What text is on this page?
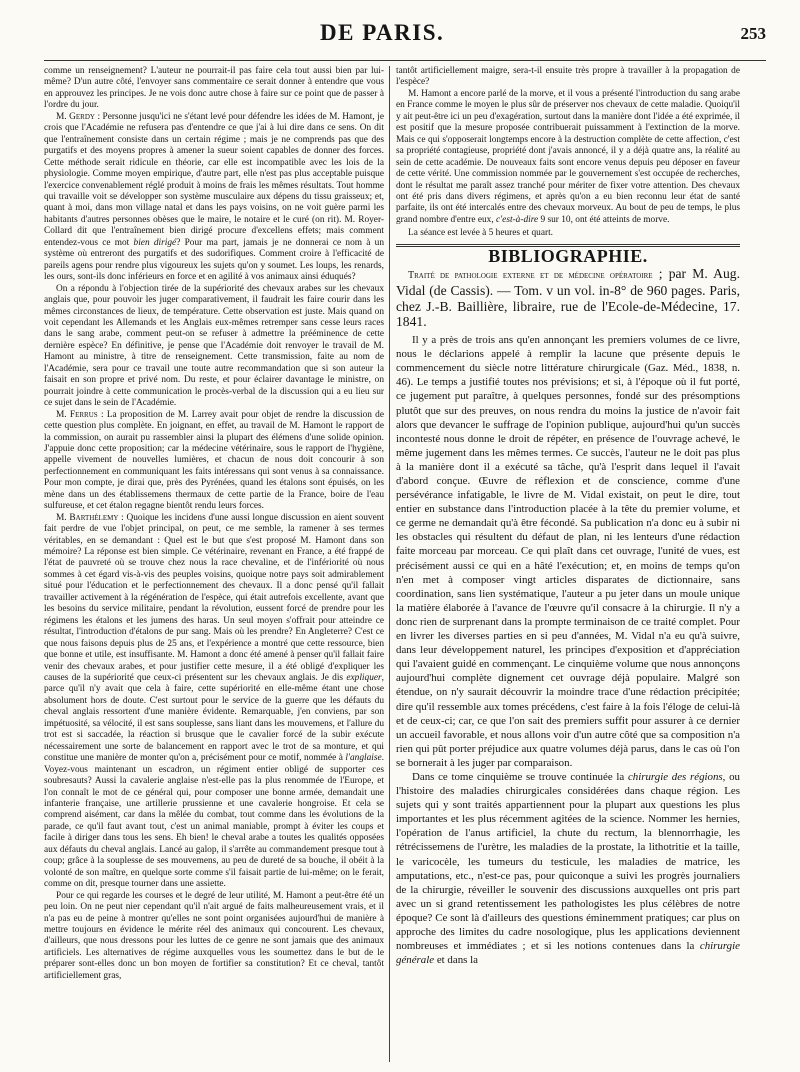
DE PARIS.	253

comme un renseignement? L'auteur ne pourrait-il pas faire cela tout aussi bien par lui-même? D'un autre côté, l'envoyer sans commentaire ce serait donner à entendre que vous en approuvez les principes. Je ne vois donc autre chose à faire sur ce point que de passer à l'ordre du jour.

M. Gerdy : Personne jusqu'ici ne s'étant levé pour défendre les idées de M. Hamont, je crois que l'Académie ne refusera pas d'entendre ce que j'ai à lui dire dans ce sens. On dit que l'entraînement consiste dans un certain régime ; mais je ne comprends pas que des purgatifs et des moyens propres à amener la sueur soient capables de donner des forces. Cette méthode serait ridicule en théorie, car elle est incompatible avec les lois de la physiologie. Comme moyen empirique, d'autre part, elle n'est pas plus acceptable puisque l'exercice convenablement réglé produit à moins de frais les mêmes résultats. Tout homme qui travaille voit se développer son système musculaire aux dépens du tissu graisseux; et, quant à moi, dans mon village natal et dans les pays voisins, on ne voit guère parmi les habitants d'autres personnes obèses que le maire, le notaire et le curé (on rit). M. Royer-Collard dit que l'entraînement bien dirigé procure d'excellens effets; mais comment entendez-vous ce mot bien dirigé? Pour ma part, jamais je ne donnerai ce nom à un système où entreront des purgatifs et des sudorifiques. Comment croire à l'efficacité de pareils agens pour rendre plus vigoureux les sujets qu'on y soumet. Les loups, les renards, les ours, sont-ils donc inférieurs en force et en agilité à vos animaux ainsi éduqués?

On a répondu à l'objection tirée de la supériorité des chevaux arabes sur les chevaux anglais que, pour pouvoir les juger comparativement, il faudrait les faire courir dans les mêmes circonstances de lieux, de température. Cette observation est juste. Mais quand on voit cependant les Allemands et les Anglais eux-mêmes retremper sans cesse leurs races dans le sang arabe, comment peut-on se refuser à admettre la prééminence de cette dernière espèce? En définitive, je pense que l'Académie doit renvoyer le travail de M. Hamont au ministre, à titre de renseignement. Cette transmission, faite au nom de l'Académie, sera pour ce travail une toute autre recommandation que si son auteur la faisait en son propre et privé nom. Du reste, et pour éclairer davantage le ministre, on pourrait joindre à cette communication le procès-verbal de la discussion qui a eu lieu sur ce sujet dans le sein de l'Académie.

M. Ferrus : La proposition de M. Larrey avait pour objet de rendre la discussion de cette question plus complète. En joignant, en effet, au travail de M. Hamont le rapport de la commission, on aurait pu rassembler ainsi la plupart des élémens d'une solide opinion. J'appuie donc cette proposition; car la médecine vétérinaire, sous le rapport de l'hygiène, appelle vivement de nouvelles lumières, et chacun de nous doit concourir à son perfectionnement en communiquant les faits intéressans qui sont venus à sa connaissance. Pour mon compte, je dirai que, près des Pyrénées, quand les étalons sont épuisés, on les mène dans un des établissemens thermaux de cette partie de la France, boire de l'eau sulfureuse, et cet étalon regagne bientôt rendu leurs forces.

M. Barthélemy : Quoique les incidens d'une aussi longue discussion en aient souvent fait perdre de vue l'objet principal, on peut, ce me semble, la ramener à ses termes véritables, en se demandant : Quel est le but que s'est proposé M. Hamont dans son mémoire? La réponse est bien simple. Ce vétérinaire, revenant en France, a été frappé de l'état de pauvreté où se trouve chez nous la race chevaline, et de l'infériorité où nous sommes à cet égard vis-à-vis des peuples voisins, quoique notre pays soit admirablement situé pour l'éducation et le perfectionnement des chevaux. Il a donc pensé qu'il fallait travailler activement à la régénération de l'espèce, qui était autrefois excellente, avant que les besoins du service militaire, pendant la révolution, eussent forcé de prendre pour les régimens les étalons et les jumens des haras. Un seul moyen s'offrait pour atteindre ce résultat, l'introduction d'étalons de pur sang. Mais où les prendre? En Angleterre? C'est ce que nous faisons depuis plus de 25 ans, et l'expérience a montré que cette ressource, bien que bonne et utile, est insuffisante. M. Hamont a donc été amené à penser qu'il fallait faire venir des chevaux arabes, et pour justifier cette mesure, il a été obligé d'expliquer les causes de la supériorité que ceux-ci présentent sur les chevaux anglais. Je dis expliquer, parce qu'il n'y avait que cela à faire, cette supériorité en elle-même étant une chose absolument hors de doute. C'est surtout pour le service de la guerre que les défauts du cheval anglais ressortent d'une manière évidente. Remarquable, j'en conviens, par son impétuosité, sa vélocité, il est sans souplesse, sans liant dans les mouvemens, et l'allure du trot est si saccadée, la réaction si brusque que le cavalier forcé de la subir exécute nécessairement une sorte de balancement en rapport avec le trot de sa monture, et qui constitue une manière de monter qu'on a, précisément pour ce motif, nommée à l'anglaise. Voyez-vous maintenant un escadron, un régiment entier obligé de supporter ces soubresauts? Aussi la cavalerie anglaise n'est-elle pas la plus renommée de l'Europe, et l'on connaît le mot de ce général qui, pour composer une bonne armée, demandait une infanterie française, une artillerie prussienne et une cavalerie hongroise. Et cela se comprend aisément, car dans la mêlée du combat, tout comme dans les évolutions de la parade, ce qu'il faut avant tout, c'est un animal maniable, prompt à éviter les coups et facile à diriger dans tous les sens. Eh bien! le cheval arabe a toutes les qualités opposées aux défauts du cheval anglais. Lancé au galop, il s'arrête au commandement presque tout à coup; grâce à la souplesse de ses mouvemens, au peu de dureté de sa bouche, il obéit à la volonté de son maître, en quelque sorte comme s'il faisait partie de lui-même; on le ferait, comme on dit, presque tourner dans une assiette.

Pour ce qui regarde les courses et le degré de leur utilité, M. Hamont a peut-être été un peu loin. On ne peut nier cependant qu'il n'ait argué de faits malheureusement vrais, et il n'a pas eu de peine à montrer qu'elles ne sont point organisées aujourd'hui de manière à mettre toujours en évidence le mérite réel des animaux qui concourent. Les chevaux, d'ailleurs, que nous dressons pour les luttes de ce genre ne sont jamais que des animaux artificiels. Les alternatives de régime auxquelles vous les soumettez dans le but de le préparer sont-elles donc un bon moyen de fortifier sa constitution? Et ce cheval, tantôt artificiellement gras,

tantôt artificiellement maigre, sera-t-il ensuite très propre à travailler à la propagation de l'espèce?

M. Hamont a encore parlé de la morve, et il vous a présenté l'introduction du sang arabe en France comme le moyen le plus sûr de préserver nos chevaux de cette maladie. Quoiqu'il y ait peut-être ici un peu d'exagération, surtout dans la manière dont l'idée a été exprimée, il est positif que la mesure proposée contribuerait puissamment à l'extinction de la morve. Mais ce qui s'opposerait longtemps encore à la destruction complète de cette affection, c'est sa propriété contagieuse, propriété dont j'avais annoncé, il y a déjà quatre ans, la réalité au sein de cette académie. De nouveaux faits sont encore venus depuis peu déposer en faveur de cette vérité. Une commission nommée par le gouvernement s'est occupée de recherches, dont le résultat me paraît assez tranché pour mériter de fixer votre attention. Des chevaux ont été pris dans divers régimens, et après qu'on a eu bien reconnu leur état de santé parfaite, ils ont été intercalés entre des chevaux morveux. Au bout de peu de temps, le plus grand nombre d'entre eux, c'est-à-dire 9 sur 10, ont été atteints de morve.

La séance est levée à 5 heures et quart.

BIBLIOGRAPHIE.

Traité de pathologie externe et de médecine opératoire ; par M. Aug. Vidal (de Cassis). — Tom. v un vol. in-8° de 960 pages. Paris, chez J.-B. Baillière, libraire, rue de l'Ecole-de-Médecine, 17. 1841.

Il y a près de trois ans qu'en annonçant les premiers volumes de ce livre, nous le déclarions appelé à remplir la lacune que présente depuis le commencement du siècle notre littérature chirurgicale (Gaz. Méd., 1838, n. 46). Le temps a justifié toutes nos prévisions; et si, à l'époque où il fut porté, ce jugement put paraître, à quelques personnes, fondé sur des présomptions plutôt que sur des preuves, on nous rendra du moins la justice de n'avoir fait alors que devancer le suffrage de l'opinion publique, aujourd'hui qu'un succès incontesté nous donne le droit de répéter, en présence de l'ouvrage achevé, le même jugement dans les mêmes termes. Ce succès, l'auteur ne le doit pas plus à la manière dont il a exécuté sa tâche, qu'à l'esprit dans lequel il l'avait d'abord conçue. Œuvre de réflexion et de conscience, comme d'une persévérance infatigable, le livre de M. Vidal existait, on peut le dire, tout entier en substance dans l'introduction placée à la tête du premier volume, et ce germe ne demandait qu'à être fécondé. Sa publication n'a donc eu à subir ni les obstacles qui résultent du défaut de plan, ni les lenteurs d'une rédaction faite morceau par morceau. Ce qui plaît dans cet ouvrage, l'unité de vues, est précisément aussi ce qui en a hâté l'exécution; et, en moins de temps qu'on n'en met à composer vingt articles disparates de dictionnaire, sans coordination, sans lien systématique, l'auteur a pu jeter dans un moule unique la matière élaborée à l'avance de l'œuvre qu'il consacre à la chirurgie. Il n'y a donc rien de surprenant dans la prompte terminaison de ce traité complet. Pour en livrer les diverses parties en si peu d'années, M. Vidal n'a eu qu'à suivre, dans leur développement naturel, les principes d'exposition et d'appréciation qui l'avaient guidé en commençant. Le cinquième volume que nous annonçons aujourd'hui complète dignement cet ouvrage déjà populaire. Malgré son étendue, on n'y saurait découvrir la moindre trace d'une rédaction précipitée; dire qu'il ressemble aux tomes précédens, c'est faire à la fois l'éloge de celui-là et de ceux-ci; car, ce que l'on sait des premiers suffit pour assurer à ce dernier un accueil favorable, et nous allons voir d'un autre côté que sa composition n'a rien qui pût porter préjudice aux quatre volumes déjà parus, dans le cas où l'on se bornerait à les juger par comparaison.

Dans ce tome cinquième se trouve continuée la chirurgie des régions, ou l'histoire des maladies chirurgicales considérées dans chaque région. Les sujets qui y sont traités appartiennent pour la plupart aux questions les plus importantes et les plus récemment agitées de la science. Nommer les hernies, l'opération de l'anus artificiel, la chute du rectum, la blennorrhagie, les rétrécissemens de l'urètre, les maladies de la prostate, la lithotritie et la taille, le varicocèle, les tumeurs du testicule, les maladies de matrice, les amputations, etc., n'est-ce pas, pour quiconque a suivi les progrès journaliers de la chirurgie, réveiller le souvenir des discussions auxquelles ont pris part avec un si grand retentissement les pathologistes les plus célèbres de notre époque? Ce sont là d'ailleurs des questions éminemment pratiques; car plus on approche des limites du cadre nosologique, plus les applications deviennent nombreuses et immédiates ; et si les notions contenues dans la chirurgie générale et dans la
